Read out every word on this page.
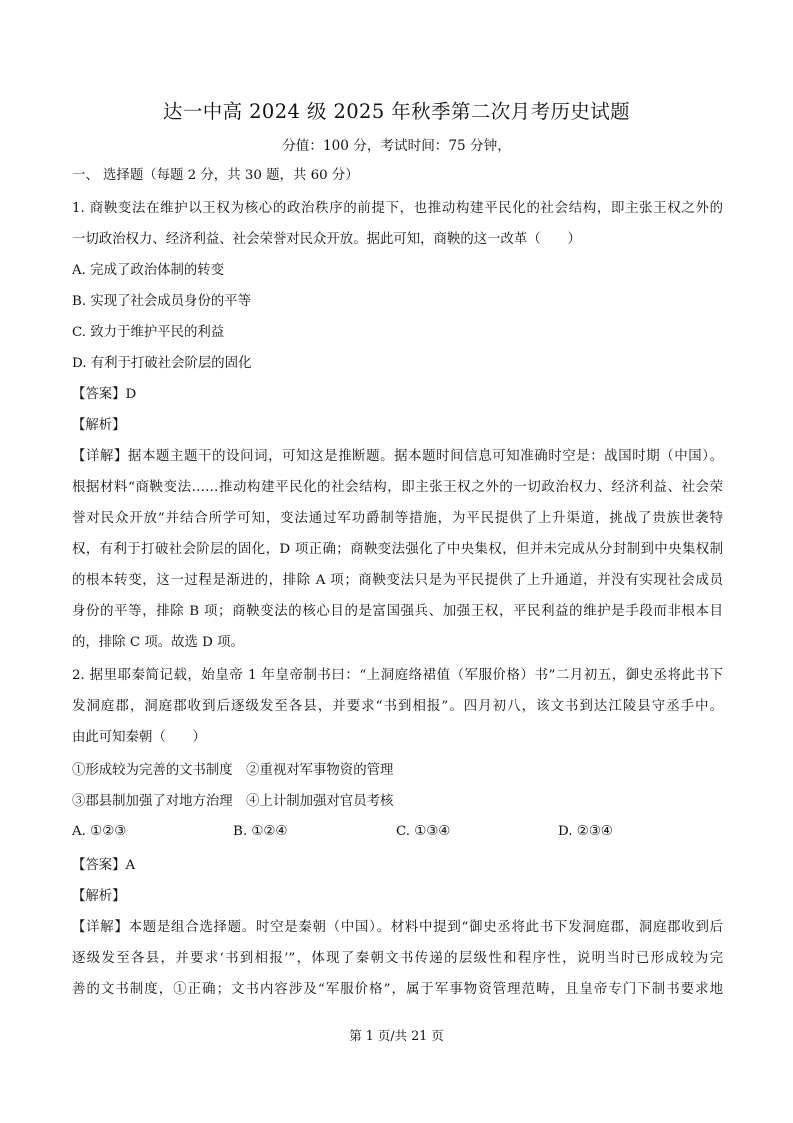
达一中高 2024 级 2025 年秋季第二次月考历史试题
分值：100 分，考试时间：75 分钟，
一、 选择题（每题 2 分，共 30 题，共 60 分）
1. 商鞅变法在维护以王权为核心的政治秩序的前提下，也推动构建平民化的社会结构，即主张王权之外的
一切政治权力、经济利益、社会荣誉对民众开放。据此可知，商鞅的这一改革（　　）
A. 完成了政治体制的转变
B. 实现了社会成员身份的平等
C. 致力于维护平民的利益
D. 有利于打破社会阶层的固化
【答案】D
【解析】
【详解】据本题主题干的设问词，可知这是推断题。据本题时间信息可知准确时空是：战国时期（中国）。
根据材料“商鞅变法……推动构建平民化的社会结构，即主张王权之外的一切政治权力、经济利益、社会荣
誉对民众开放”并结合所学可知，变法通过军功爵制等措施，为平民提供了上升渠道，挑战了贵族世袭特
权，有利于打破社会阶层的固化，D 项正确；商鞅变法强化了中央集权，但并未完成从分封制到中央集权制
的根本转变，这一过程是渐进的，排除 A 项；商鞅变法只是为平民提供了上升通道，并没有实现社会成员
身份的平等，排除 B 项；商鞅变法的核心目的是富国强兵、加强王权，平民利益的维护是手段而非根本目
的，排除 C 项。故选 D 项。
2. 据里耶秦简记载，始皇帝 1 年皇帝制书曰：“上洞庭络裙值（军服价格）书”二月初五，御史丞将此书下
发洞庭郡，洞庭郡收到后逐级发至各县，并要求“书到相报”。四月初八，该文书到达江陵县守丞手中。
由此可知秦朝（　　）
①形成较为完善的文书制度　②重视对军事物资的管理
③郡县制加强了对地方治理　④上计制加强对官员考核
A. ①②③	B. ①②④	C. ①③④	D. ②③④
【答案】A
【解析】
【详解】本题是组合选择题。时空是秦朝（中国）。材料中提到“御史丞将此书下发洞庭郡，洞庭郡收到后
逐级发至各县，并要求‘书到相报’”，体现了秦朝文书传递的层级性和程序性，说明当时已形成较为完
善的文书制度，①正确；文书内容涉及“军服价格”，属于军事物资管理范畴，且皇帝专门下制书要求地
第 1 页/共 21 页
